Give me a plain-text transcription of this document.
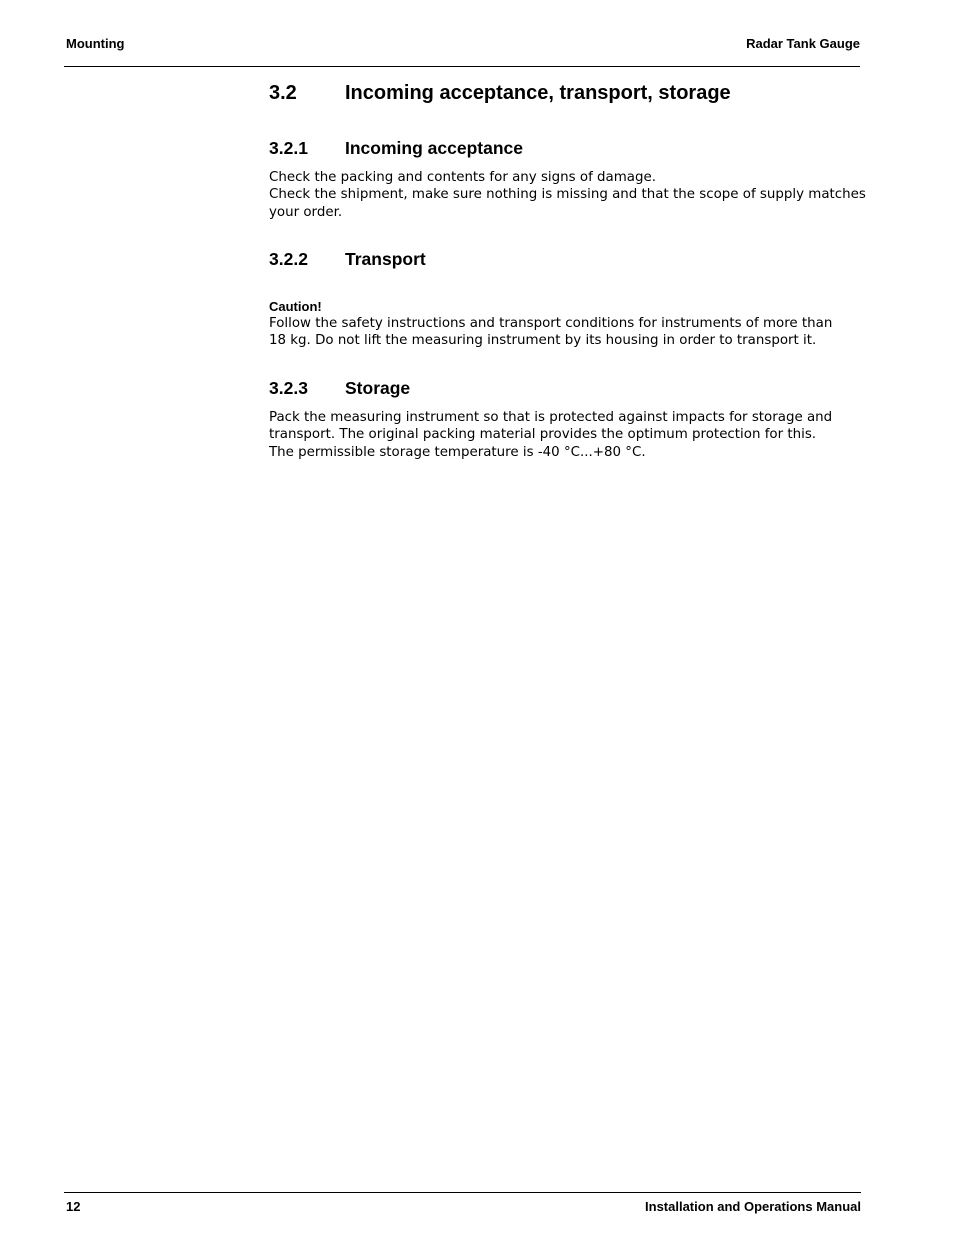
Mounting	Radar Tank Gauge
3.2 Incoming acceptance, transport, storage
3.2.1 Incoming acceptance
Check the packing and contents for any signs of damage.
Check the shipment, make sure nothing is missing and that the scope of supply matches
your order.
3.2.2 Transport
Caution!
Follow the safety instructions and transport conditions for instruments of more than
18 kg. Do not lift the measuring instrument by its housing in order to transport it.
3.2.3 Storage
Pack the measuring instrument so that is protected against impacts for storage and
transport. The original packing material provides the optimum protection for this.
The permissible storage temperature is -40 °C...+80 °C.
12	Installation and Operations Manual
